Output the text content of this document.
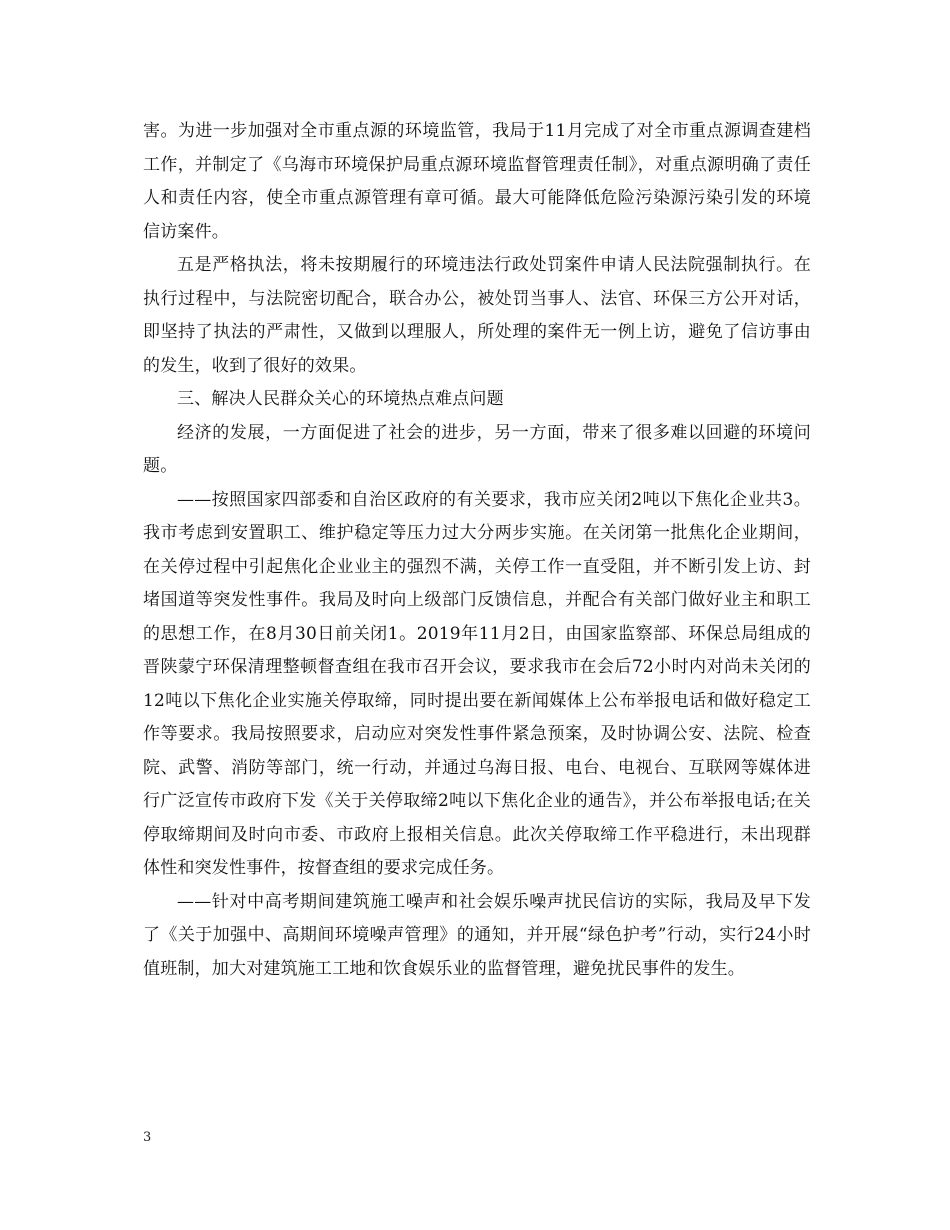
害。为进一步加强对全市重点源的环境监管，我局于11月完成了对全市重点源调查建档工作，并制定了《乌海市环境保护局重点源环境监督管理责任制》，对重点源明确了责任人和责任内容，使全市重点源管理有章可循。最大可能降低危险污染源污染引发的环境信访案件。

五是严格执法，将未按期履行的环境违法行政处罚案件申请人民法院强制执行。在执行过程中，与法院密切配合，联合办公，被处罚当事人、法官、环保三方公开对话，即坚持了执法的严肃性，又做到以理服人，所处理的案件无一例上访，避免了信访事由的发生，收到了很好的效果。

三、解决人民群众关心的环境热点难点问题

经济的发展，一方面促进了社会的进步，另一方面，带来了很多难以回避的环境问题。

——按照国家四部委和自治区政府的有关要求，我市应关闭2吨以下焦化企业共3。我市考虑到安置职工、维护稳定等压力过大分两步实施。在关闭第一批焦化企业期间，在关停过程中引起焦化企业业主的强烈不满，关停工作一直受阻，并不断引发上访、封堵国道等突发性事件。我局及时向上级部门反馈信息，并配合有关部门做好业主和职工的思想工作，在8月30日前关闭1。2019年11月2日，由国家监察部、环保总局组成的晋陕蒙宁环保清理整顿督查组在我市召开会议，要求我市在会后72小时内对尚未关闭的12吨以下焦化企业实施关停取缔，同时提出要在新闻媒体上公布举报电话和做好稳定工作等要求。我局按照要求，启动应对突发性事件紧急预案，及时协调公安、法院、检查院、武警、消防等部门，统一行动，并通过乌海日报、电台、电视台、互联网等媒体进行广泛宣传市政府下发《关于关停取缔2吨以下焦化企业的通告》，并公布举报电话;在关停取缔期间及时向市委、市政府上报相关信息。此次关停取缔工作平稳进行，未出现群体性和突发性事件，按督查组的要求完成任务。

——针对中高考期间建筑施工噪声和社会娱乐噪声扰民信访的实际，我局及早下发了《关于加强中、高期间环境噪声管理》的通知，并开展“绿色护考”行动，实行24小时值班制，加大对建筑施工工地和饮食娱乐业的监督管理，避免扰民事件的发生。

3
